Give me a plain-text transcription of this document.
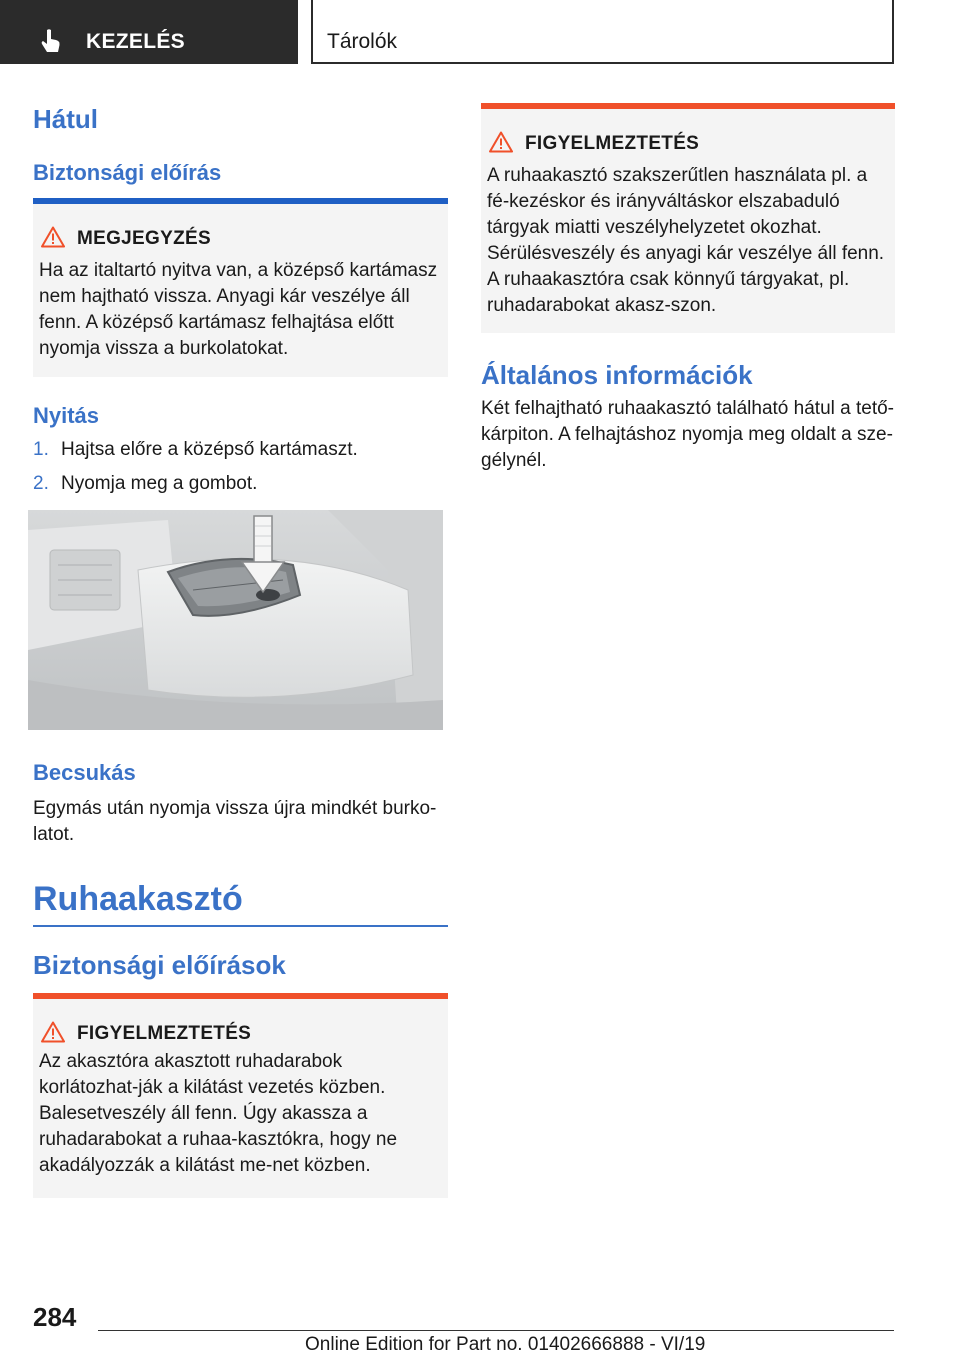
KEZELÉS	Tárolók
Hátul
Biztonsági előírás
MEGJEGYZÉS

Ha az italtartó nyitva van, a középső kartámasz nem hajtható vissza. Anyagi kár veszélye áll fenn. A középső kartámasz felhajtása előtt nyomja vissza a burkolatokat.

Nyitás
1. Hajtsa előre a középső kartámaszt.
2. Nyomja meg a gombot.
Becsukás

Egymás után nyomja vissza újra mindkét burko-latot.

Ruhaakasztó
Biztonsági előírások
FIGYELMEZTETÉS

Az akasztóra akasztott ruhadarabok korlátozhat-ják a kilátást vezetés közben. Balesetveszély áll fenn. Úgy akassza a ruhadarabokat a ruhaa-kasztókra, hogy ne akadályozzák a kilátást me-net közben.

FIGYELMEZTETÉS

A ruhaakasztó szakszerűtlen használata pl. a fé-kezéskor és irányváltáskor elszabaduló tárgyak miatti veszélyhelyzetet okozhat. Sérülésveszély és anyagi kár veszélye áll fenn. A ruhaakasztóra csak könnyű tárgyakat, pl. ruhadarabokat akasz-szon.

Általános információk

Két felhajtható ruhaakasztó található hátul a tető-kárpiton. A felhajtáshoz nyomja meg oldalt a sze-gélynél.

284
Online Edition for Part no. 01402666888 - VI/19
